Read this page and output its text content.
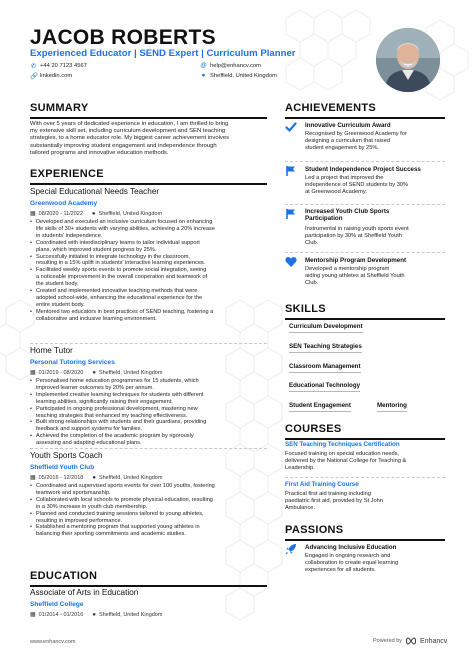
JACOB ROBERTS
Experienced Educator | SEND Expert | Curriculum Planner
✆ +44 20 7123 4567	@ help@enhancv.com
🔗 linkedin.com	● Sheffield, United Kingdom
SUMMARY
With over 5 years of dedicated experience in education, I am thrilled to bring
my extensive skill set, including curriculum development and SEN teaching
strategies, to a home educator role. My biggest career achievement involves
substantially improving student engagement and independence through
tailored programs and innovative education methods.
EXPERIENCE
Special Educational Needs Teacher
Greenwood Academy
▦ 08/2020 - 11/2022 ● Sheffield, United Kingdom
• Developed and executed an inclusive curriculum focused on enhancing
life skills of 30+ students with varying abilities, achieving a 20% increase
in students' independence.
• Coordinated with interdisciplinary teams to tailor individual support
plans, which improved student progress by 25%.
• Successfully initiated to integrate technology in the classroom,
resulting in a 15% uplift in students' interactive learning experiences.
• Facilitated weekly sports events to promote social integration, seeing
a noticeable improvement in the overall cooperation and teamwork of
the student body.
• Created and implemented innovative teaching methods that were
adopted school-wide, enhancing the educational experience for the
entire student body.
• Mentored two educators in best practices of SEND teaching, fostering a
collaborative and inclusive learning environment.
Home Tutor
Personal Tutoring Services
▦ 01/2019 - 08/2020 ● Sheffield, United Kingdom
• Personalised home education programmes for 15 students, which
improved learner outcomes by 20% per annum.
• Implemented creative learning techniques for students with different
learning abilities, significantly raising their engagement.
• Participated in ongoing professional development, mastering new
teaching strategies that enhanced my teaching effectiveness.
• Built strong relationships with students and their guardians, providing
feedback and support systems for families.
• Achieved the completion of the academic program by rigorously
assessing and adapting educational plans.
Youth Sports Coach
Sheffield Youth Club
▦ 05/2016 - 12/2018 ● Sheffield, United Kingdom
• Coordinated and supervised sports events for over 100 youths, fostering
teamwork and sportsmanship.
• Collaborated with local schools to promote physical education, resulting
in a 30% increase in youth club membership.
• Planned and conducted training sessions tailored to young athletes,
resulting in improved performance.
• Established a mentoring program that supported young athletes in
balancing their sporting commitments and academic studies.
EDUCATION
Associate of Arts in Education
Sheffield College
▦ 01/2014 - 01/2016 ● Sheffield, United Kingdom
ACHIEVEMENTS
Innovative Curriculum Award
Recognised by Greenwood Academy for
designing a curriculum that raised
student engagement by 25%.
Student Independence Project Success
Led a project that improved the
independence of SEND students by 30%
at Greenwood Academy.
Increased Youth Club Sports
Participation
Instrumental in raising youth sports event
participation by 30% at Sheffield Youth
Club.
Mentorship Program Development
Developed a mentorship program
aiding young athletes at Sheffield Youth
Club.
SKILLS
Curriculum Development
SEN Teaching Strategies
Classroom Management
Educational Technology
Student Engagement	Mentoring
COURSES
SEN Teaching Techniques Certification
Focused training on special education needs,
delivered by the National College for Teaching &
Leadership.
First Aid Training Course
Practical first aid training including
paediatric first aid, provided by St John
Ambulance.
PASSIONS
Advancing Inclusive Education
Engaged in ongoing research and
collaboration to create equal learning
experiences for all students.
www.enhancv.com	Powered by	Enhancv
